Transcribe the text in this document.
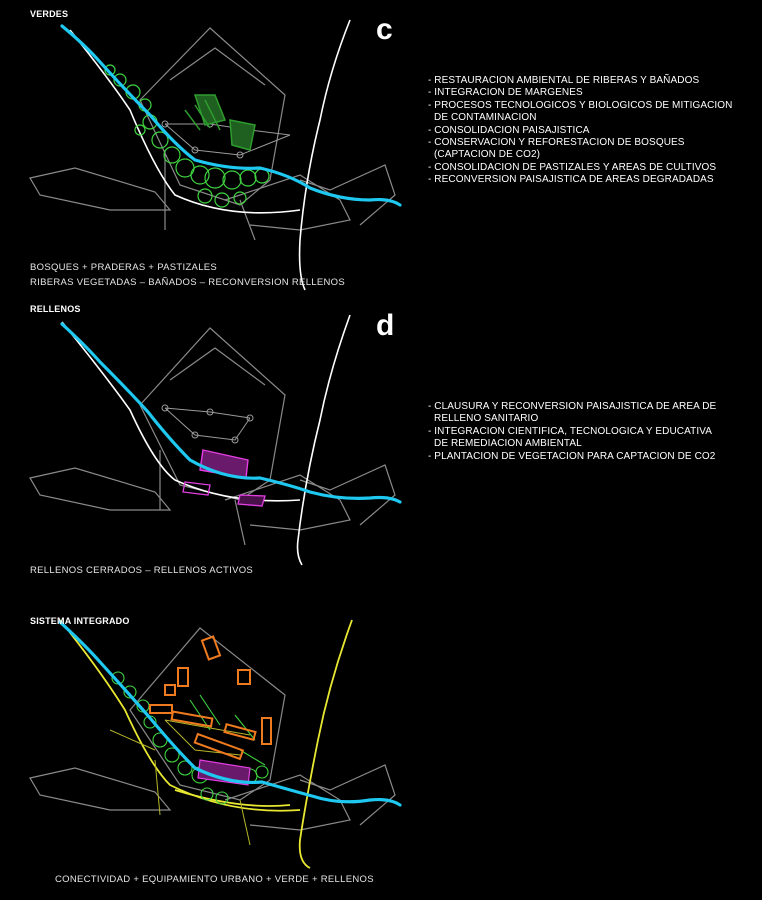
VERDES	c
BOSQUES + PRADERAS + PASTIZALES
RIBERAS VEGETADAS – BAÑADOS – RECONVERSION RELLENOS
- RESTAURACION AMBIENTAL DE RIBERAS Y BAÑADOS
- INTEGRACION DE MARGENES
- PROCESOS TECNOLOGICOS Y BIOLOGICOS DE MITIGACION
DE CONTAMINACION
- CONSOLIDACION PAISAJISTICA
- CONSERVACION Y REFORESTACION DE BOSQUES
(CAPTACION DE CO2)
- CONSOLIDACION DE PASTIZALES Y AREAS DE CULTIVOS
- RECONVERSION PAISAJISTICA DE AREAS DEGRADADAS
RELLENOS	d
RELLENOS CERRADOS – RELLENOS ACTIVOS
- CLAUSURA Y RECONVERSION PAISAJISTICA DE AREA DE
RELLENO SANITARIO
- INTEGRACION CIENTIFICA, TECNOLOGICA Y EDUCATIVA
DE REMEDIACION AMBIENTAL
- PLANTACION DE VEGETACION PARA CAPTACION DE CO2
SISTEMA INTEGRADO
CONECTIVIDAD + EQUIPAMIENTO URBANO + VERDE + RELLENOS
